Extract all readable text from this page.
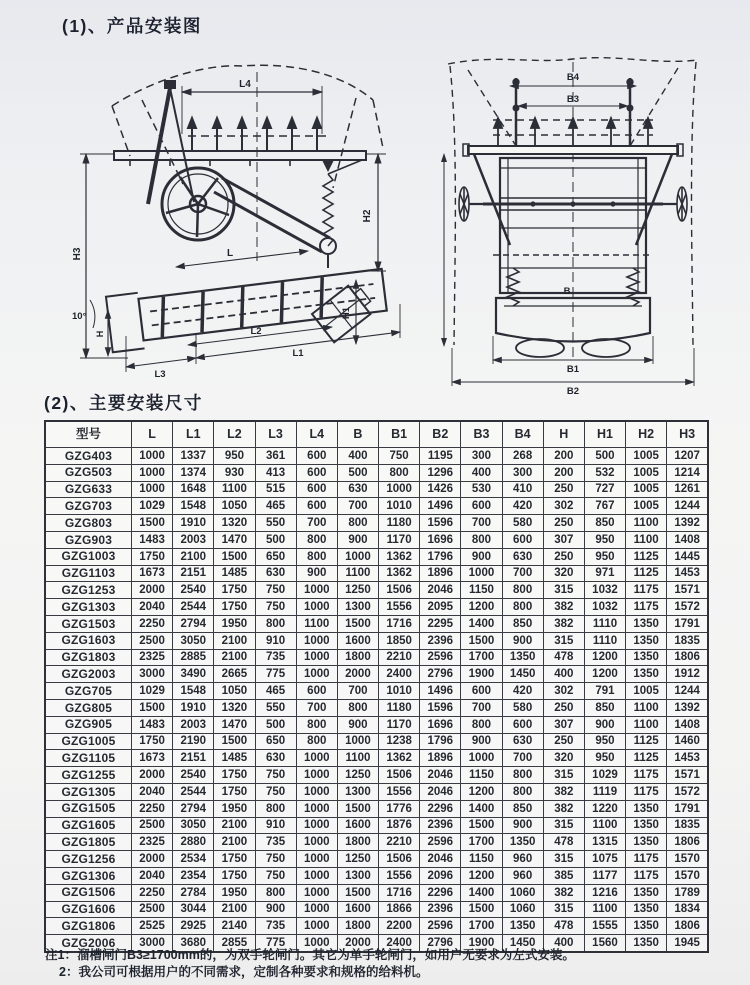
(1)、产品安装图
L4
H3
H
10°
H2
H1
L
L2
L3
L1
B4
B3
B
B1
B2
(2)、主要安装尺寸
型号	L	L1	L2	L3	L4	B	B1	B2	B3	B4	H	H1	H2	H3
GZG403	1000	1337	950	361	600	400	750	1195	300	268	200	500	1005	1207
GZG503	1000	1374	930	413	600	500	800	1296	400	300	200	532	1005	1214
GZG633	1000	1648	1100	515	600	630	1000	1426	530	410	250	727	1005	1261
GZG703	1029	1548	1050	465	600	700	1010	1496	600	420	302	767	1005	1244
GZG803	1500	1910	1320	550	700	800	1180	1596	700	580	250	850	1100	1392
GZG903	1483	2003	1470	500	800	900	1170	1696	800	600	307	950	1100	1408
GZG1003	1750	2100	1500	650	800	1000	1362	1796	900	630	250	950	1125	1445
GZG1103	1673	2151	1485	630	900	1100	1362	1896	1000	700	320	971	1125	1453
GZG1253	2000	2540	1750	750	1000	1250	1506	2046	1150	800	315	1032	1175	1571
GZG1303	2040	2544	1750	750	1000	1300	1556	2095	1200	800	382	1032	1175	1572
GZG1503	2250	2794	1950	800	1100	1500	1716	2295	1400	850	382	1110	1350	1791
GZG1603	2500	3050	2100	910	1000	1600	1850	2396	1500	900	315	1110	1350	1835
GZG1803	2325	2885	2100	735	1000	1800	2210	2596	1700	1350	478	1200	1350	1806
GZG2003	3000	3490	2665	775	1000	2000	2400	2796	1900	1450	400	1200	1350	1912
GZG705	1029	1548	1050	465	600	700	1010	1496	600	420	302	791	1005	1244
GZG805	1500	1910	1320	550	700	800	1180	1596	700	580	250	850	1100	1392
GZG905	1483	2003	1470	500	800	900	1170	1696	800	600	307	900	1100	1408
GZG1005	1750	2190	1500	650	800	1000	1238	1796	900	630	250	950	1125	1460
GZG1105	1673	2151	1485	630	1000	1100	1362	1896	1000	700	320	950	1125	1453
GZG1255	2000	2540	1750	750	1000	1250	1506	2046	1150	800	315	1029	1175	1571
GZG1305	2040	2544	1750	750	1000	1300	1556	2046	1200	800	382	1119	1175	1572
GZG1505	2250	2794	1950	800	1000	1500	1776	2296	1400	850	382	1220	1350	1791
GZG1605	2500	3050	2100	910	1000	1600	1876	2396	1500	900	315	1100	1350	1835
GZG1805	2325	2880	2100	735	1000	1800	2210	2596	1700	1350	478	1315	1350	1806
GZG1256	2000	2534	1750	750	1000	1250	1506	2046	1150	960	315	1075	1175	1570
GZG1306	2040	2354	1750	750	1000	1300	1556	2096	1200	960	385	1177	1175	1570
GZG1506	2250	2784	1950	800	1000	1500	1716	2296	1400	1060	382	1216	1350	1789
GZG1606	2500	3044	2100	900	1000	1600	1866	2396	1500	1060	315	1100	1350	1834
GZG1806	2525	2925	2140	735	1000	1800	2200	2596	1700	1350	478	1555	1350	1806
GZG2006	3000	3680	2855	775	1000	2000	2400	2796	1900	1450	400	1560	1350	1945
注1：溜槽闸门B3≥1700mm的，为双手轮闸门。其它为单手轮闸门，如用户无要求为左式安装。
2：我公司可根据用户的不同需求，定制各种要求和规格的给料机。
